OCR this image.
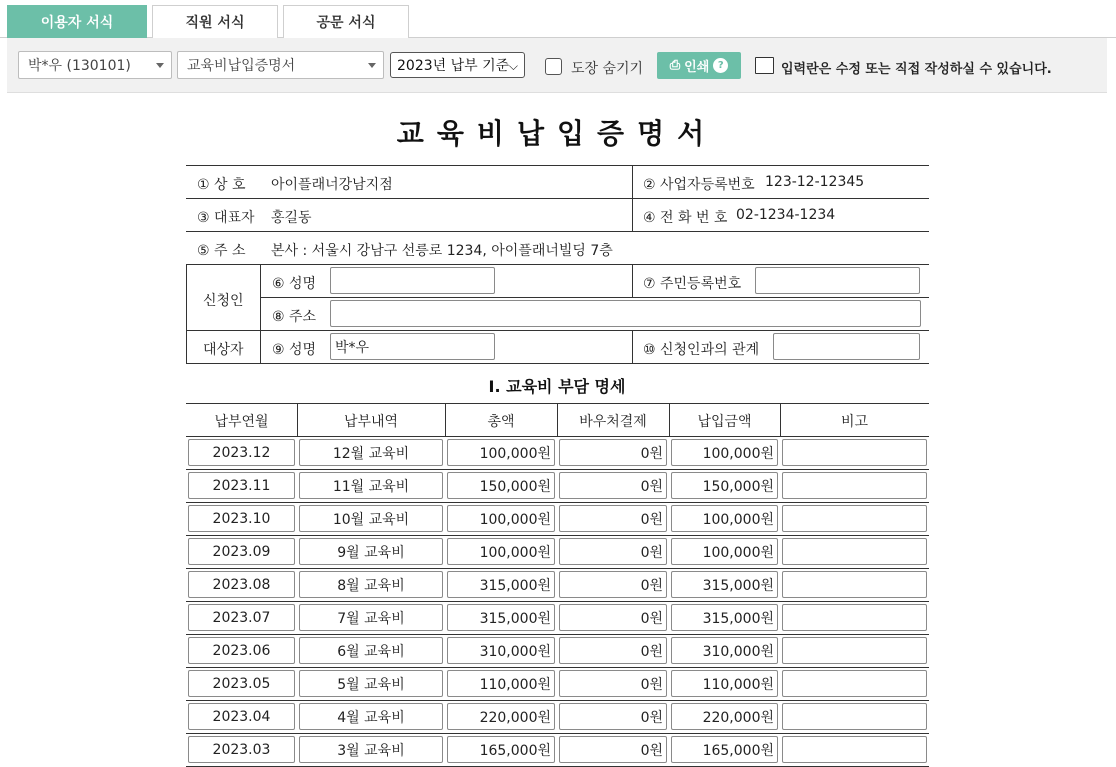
이용자 서식	직원 서식	공문 서식
박*우 (130101)	교육비납입증명서	2023년 납부 기준 ⌵	도장 숨기기 ⎙ 인쇄 ?	입력란은 수정 또는 직접 작성하실 수 있습니다.
교육비납입증명서
① 상 호 아이플래너강남지점	② 사업자등록번호 123-12-12345
③ 대표자 홍길동	④ 전 화 번 호 02-1234-1234
⑤ 주 소 본사 : 서울시 강남구 선릉로 1234, 아이플래너빌딩 7층
신청인
⑥ 성명	⑦ 주민등록번호
⑧ 주소
대상자 ⑨ 성명	박*우	⑩ 신청인과의 관계
Ⅰ. 교육비 부담 명세
납부연월	납부내역	총액	바우처결제	납입금액	비고
2023.12	12월 교육비	100,000원	0원	100,000원
2023.11	11월 교육비	150,000원	0원	150,000원
2023.10	10월 교육비	100,000원	0원	100,000원
2023.09	9월 교육비	100,000원	0원	100,000원
2023.08	8월 교육비	315,000원	0원	315,000원
2023.07	7월 교육비	315,000원	0원	315,000원
2023.06	6월 교육비	310,000원	0원	310,000원
2023.05	5월 교육비	110,000원	0원	110,000원
2023.04	4월 교육비	220,000원	0원	220,000원
2023.03	3월 교육비	165,000원	0원	165,000원
